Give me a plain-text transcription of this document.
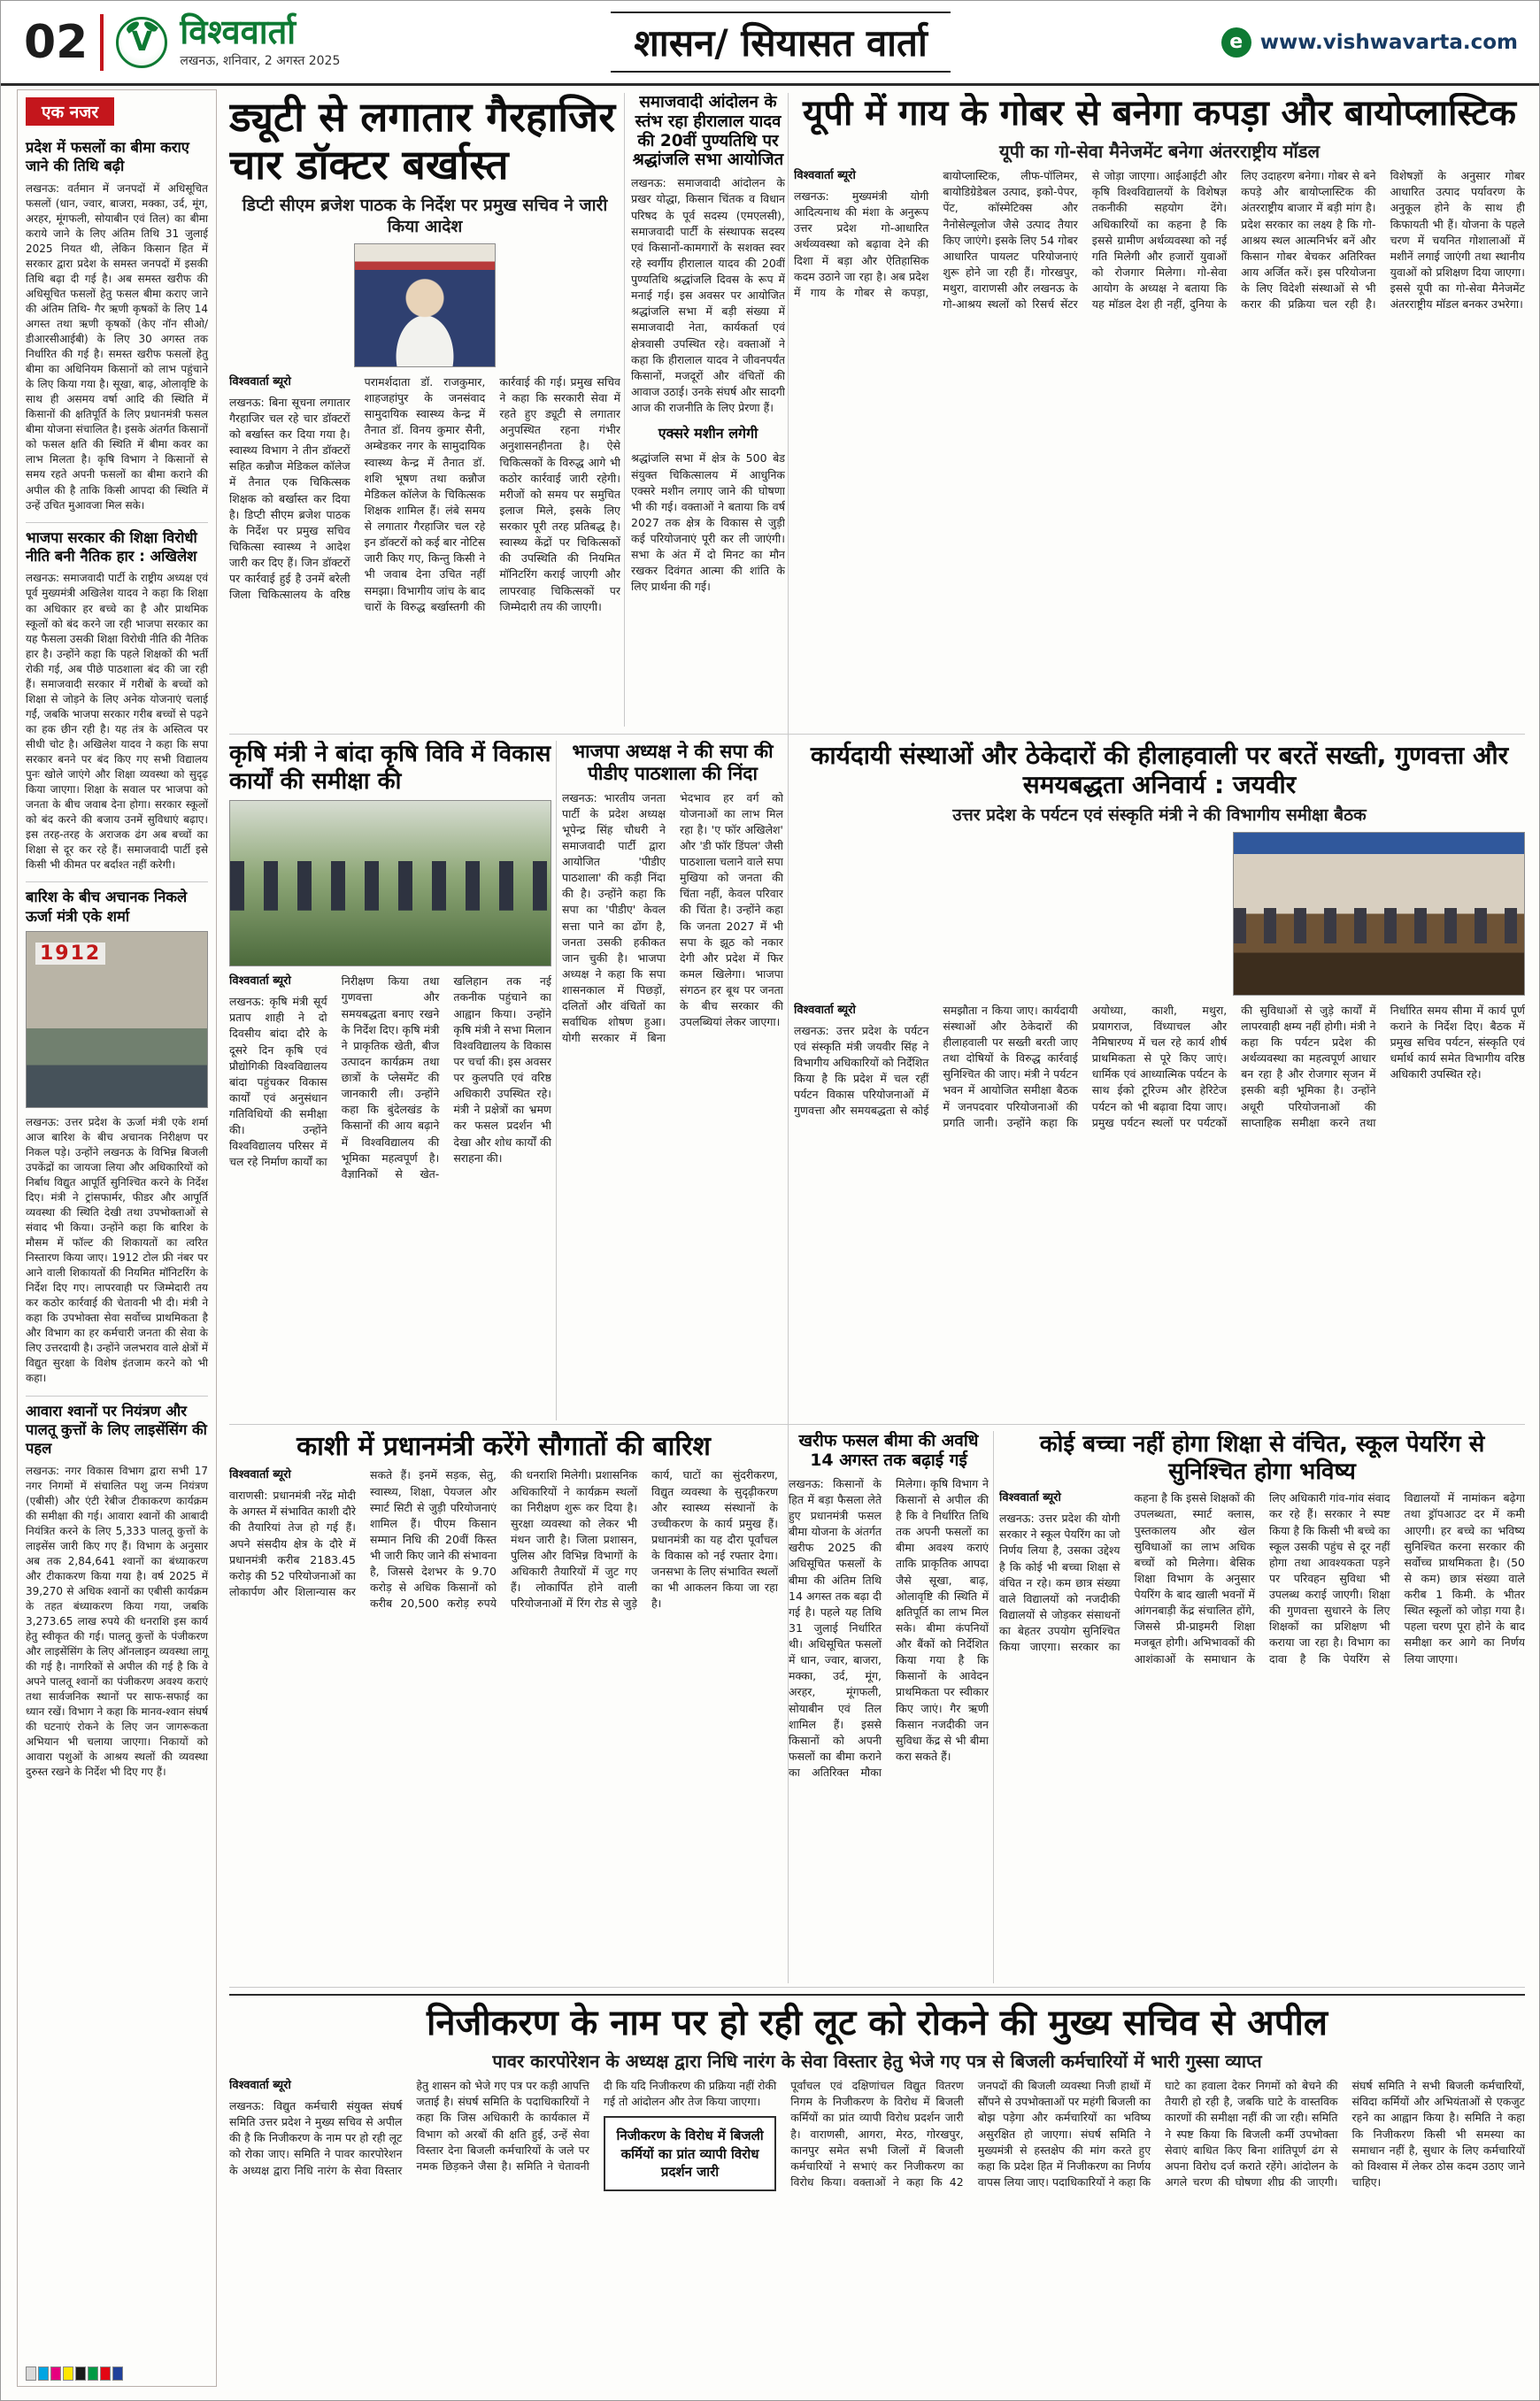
02 V विश्ववार्ता
लखनऊ, शनिवार, 2 अगस्त 2025	शासन/ सियासत वार्ता	e www.vishwavarta.com
एक नजर
प्रदेश में फसलों का बीमा कराए जाने की तिथि बढ़ी

लखनऊ: वर्तमान में जनपदों में अधिसूचित फसलों (धान, ज्वार, बाजरा, मक्का, उर्द, मूंग, अरहर, मूंगफली, सोयाबीन एवं तिल) का बीमा कराये जाने के लिए अंतिम तिथि 31 जुलाई 2025 नियत थी, लेकिन किसान हित में सरकार द्वारा प्रदेश के समस्त जनपदों में इसकी तिथि बढ़ा दी गई है। अब समस्त खरीफ की अधिसूचित फसलों हेतु फसल बीमा कराए जाने की अंतिम तिथि- गैर ऋणी कृषकों के लिए 14 अगस्त तथा ऋणी कृषकों (केए नॉन सीओ/डीआरसीआईबी) के लिए 30 अगस्त तक निर्धारित की गई है। समस्त खरीफ फसलों हेतु बीमा का अधिनियम किसानों को लाभ पहुंचाने के लिए किया गया है। सूखा, बाढ़, ओलावृष्टि के साथ ही असमय वर्षा आदि की स्थिति में किसानों की क्षतिपूर्ति के लिए प्रधानमंत्री फसल बीमा योजना संचालित है। इसके अंतर्गत किसानों को फसल क्षति की स्थिति में बीमा कवर का लाभ मिलता है। कृषि विभाग ने किसानों से समय रहते अपनी फसलों का बीमा कराने की अपील की है ताकि किसी आपदा की स्थिति में उन्हें उचित मुआवजा मिल सके।

भाजपा सरकार की शिक्षा विरोधी नीति बनी नैतिक हार : अखिलेश

लखनऊ: समाजवादी पार्टी के राष्ट्रीय अध्यक्ष एवं पूर्व मुख्यमंत्री अखिलेश यादव ने कहा कि शिक्षा का अधिकार हर बच्चे का है और प्राथमिक स्कूलों को बंद करने जा रही भाजपा सरकार का यह फैसला उसकी शिक्षा विरोधी नीति की नैतिक हार है। उन्होंने कहा कि पहले शिक्षकों की भर्ती रोकी गई, अब पीछे पाठशाला बंद की जा रही हैं। समाजवादी सरकार में गरीबों के बच्चों को शिक्षा से जोड़ने के लिए अनेक योजनाएं चलाई गईं, जबकि भाजपा सरकार गरीब बच्चों से पढ़ने का हक छीन रही है। यह तंत्र के अस्तित्व पर सीधी चोट है। अखिलेश यादव ने कहा कि सपा सरकार बनने पर बंद किए गए सभी विद्यालय पुनः खोले जाएंगे और शिक्षा व्यवस्था को सुदृढ़ किया जाएगा। शिक्षा के सवाल पर भाजपा को जनता के बीच जवाब देना होगा। सरकार स्कूलों को बंद करने की बजाय उनमें सुविधाएं बढ़ाए। इस तरह-तरह के अराजक ढंग अब बच्चों का शिक्षा से दूर कर रहे हैं। समाजवादी पार्टी इसे किसी भी कीमत पर बर्दाश्त नहीं करेगी।

बारिश के बीच अचानक निकले ऊर्जा मंत्री एके शर्मा
1912

लखनऊ: उत्तर प्रदेश के ऊर्जा मंत्री एके शर्मा आज बारिश के बीच अचानक निरीक्षण पर निकल पड़े। उन्होंने लखनऊ के विभिन्न बिजली उपकेंद्रों का जायजा लिया और अधिकारियों को निर्बाध विद्युत आपूर्ति सुनिश्चित करने के निर्देश दिए। मंत्री ने ट्रांसफार्मर, फीडर और आपूर्ति व्यवस्था की स्थिति देखी तथा उपभोक्ताओं से संवाद भी किया। उन्होंने कहा कि बारिश के मौसम में फॉल्ट की शिकायतों का त्वरित निस्तारण किया जाए। 1912 टोल फ्री नंबर पर आने वाली शिकायतों की नियमित मॉनिटरिंग के निर्देश दिए गए। लापरवाही पर जिम्मेदारी तय कर कठोर कार्रवाई की चेतावनी भी दी। मंत्री ने कहा कि उपभोक्ता सेवा सर्वोच्च प्राथमिकता है और विभाग का हर कर्मचारी जनता की सेवा के लिए उत्तरदायी है। उन्होंने जलभराव वाले क्षेत्रों में विद्युत सुरक्षा के विशेष इंतजाम करने को भी कहा।

आवारा श्वानों पर नियंत्रण और पालतू कुत्तों के लिए लाइसेंसिंग की पहल

लखनऊ: नगर विकास विभाग द्वारा सभी 17 नगर निगमों में संचालित पशु जन्म नियंत्रण (एबीसी) और एंटी रेबीज टीकाकरण कार्यक्रम की समीक्षा की गई। आवारा श्वानों की आबादी नियंत्रित करने के लिए 5,333 पालतू कुत्तों के लाइसेंस जारी किए गए हैं। विभाग के अनुसार अब तक 2,84,641 श्वानों का बंध्याकरण और टीकाकरण किया गया है। वर्ष 2025 में 39,270 से अधिक श्वानों का एबीसी कार्यक्रम के तहत बंध्याकरण किया गया, जबकि 3,273.65 लाख रुपये की धनराशि इस कार्य हेतु स्वीकृत की गई। पालतू कुत्तों के पंजीकरण और लाइसेंसिंग के लिए ऑनलाइन व्यवस्था लागू की गई है। नागरिकों से अपील की गई है कि वे अपने पालतू श्वानों का पंजीकरण अवश्य कराएं तथा सार्वजनिक स्थानों पर साफ-सफाई का ध्यान रखें। विभाग ने कहा कि मानव-श्वान संघर्ष की घटनाएं रोकने के लिए जन जागरूकता अभियान भी चलाया जाएगा। निकायों को आवारा पशुओं के आश्रय स्थलों की व्यवस्था दुरुस्त रखने के निर्देश भी दिए गए हैं।

ड्यूटी से लगातार गैरहाजिर चार डॉक्टर बर्खास्त
डिप्टी सीएम ब्रजेश पाठक के निर्देश पर प्रमुख सचिव ने जारी किया आदेश
विश्ववार्ता ब्यूरो

लखनऊ: बिना सूचना लगातार गैरहाजिर चल रहे चार डॉक्टरों को बर्खास्त कर दिया गया है। स्वास्थ्य विभाग ने तीन डॉक्टरों सहित कन्नौज मेडिकल कॉलेज में तैनात एक चिकित्सक शिक्षक को बर्खास्त कर दिया है। डिप्टी सीएम ब्रजेश पाठक के निर्देश पर प्रमुख सचिव चिकित्सा स्वास्थ्य ने आदेश जारी कर दिए हैं। जिन डॉक्टरों पर कार्रवाई हुई है उनमें बरेली जिला चिकित्सालय के वरिष्ठ परामर्शदाता डॉ. राजकुमार, शाहजहांपुर के जनसंवाद सामुदायिक स्वास्थ्य केन्द्र में तैनात डॉ. विनय कुमार सैनी, अम्बेडकर नगर के सामुदायिक स्वास्थ्य केन्द्र में तैनात डॉ. शशि भूषण तथा कन्नौज मेडिकल कॉलेज के चिकित्सक शिक्षक शामिल हैं। लंबे समय से लगातार गैरहाजिर चल रहे इन डॉक्टरों को कई बार नोटिस जारी किए गए, किन्तु किसी ने भी जवाब देना उचित नहीं समझा। विभागीय जांच के बाद चारों के विरुद्ध बर्खास्तगी की कार्रवाई की गई। प्रमुख सचिव ने कहा कि सरकारी सेवा में रहते हुए ड्यूटी से लगातार अनुपस्थित रहना गंभीर अनुशासनहीनता है। ऐसे चिकित्सकों के विरुद्ध आगे भी कठोर कार्रवाई जारी रहेगी। मरीजों को समय पर समुचित इलाज मिले, इसके लिए सरकार पूरी तरह प्रतिबद्ध है। स्वास्थ्य केंद्रों पर चिकित्सकों की उपस्थिति की नियमित मॉनिटरिंग कराई जाएगी और लापरवाह चिकित्सकों पर जिम्मेदारी तय की जाएगी।

समाजवादी आंदोलन के स्तंभ रहा हीरालाल यादव की 20वीं पुण्यतिथि पर श्रद्धांजलि सभा आयोजित

लखनऊ: समाजवादी आंदोलन के प्रखर योद्धा, किसान चिंतक व विधान परिषद के पूर्व सदस्य (एमएलसी), समाजवादी पार्टी के संस्थापक सदस्य एवं किसानों-कामगारों के सशक्त स्वर रहे स्वर्गीय हीरालाल यादव की 20वीं पुण्यतिथि श्रद्धांजलि दिवस के रूप में मनाई गई। इस अवसर पर आयोजित श्रद्धांजलि सभा में बड़ी संख्या में समाजवादी नेता, कार्यकर्ता एवं क्षेत्रवासी उपस्थित रहे। वक्ताओं ने कहा कि हीरालाल यादव ने जीवनपर्यंत किसानों, मजदूरों और वंचितों की आवाज उठाई। उनके संघर्ष और सादगी आज की राजनीति के लिए प्रेरणा हैं।

एक्सरे मशीन लगेगी

श्रद्धांजलि सभा में क्षेत्र के 500 बेड संयुक्त चिकित्सालय में आधुनिक एक्सरे मशीन लगाए जाने की घोषणा भी की गई। वक्ताओं ने बताया कि वर्ष 2027 तक क्षेत्र के विकास से जुड़ी कई परियोजनाएं पूरी कर ली जाएंगी। सभा के अंत में दो मिनट का मौन रखकर दिवंगत आत्मा की शांति के लिए प्रार्थना की गई।

यूपी में गाय के गोबर से बनेगा कपड़ा और बायोप्लास्टिक
यूपी का गो-सेवा मैनेजमेंट बनेगा अंतरराष्ट्रीय मॉडल
विश्ववार्ता ब्यूरो

लखनऊ: मुख्यमंत्री योगी आदित्यनाथ की मंशा के अनुरूप उत्तर प्रदेश गो-आधारित अर्थव्यवस्था को बढ़ावा देने की दिशा में बड़ा और ऐतिहासिक कदम उठाने जा रहा है। अब प्रदेश में गाय के गोबर से कपड़ा, बायोप्लास्टिक, लीफ-पॉलिमर, बायोडिग्रेडेबल उत्पाद, इको-पेपर, पेंट, कॉस्मेटिक्स और नैनोसेल्यूलोज जैसे उत्पाद तैयार किए जाएंगे। इसके लिए 54 गोबर आधारित पायलट परियोजनाएं शुरू होने जा रही हैं। गोरखपुर, मथुरा, वाराणसी और लखनऊ के गो-आश्रय स्थलों को रिसर्च सेंटर से जोड़ा जाएगा। आईआईटी और कृषि विश्वविद्यालयों के विशेषज्ञ तकनीकी सहयोग देंगे। अधिकारियों का कहना है कि इससे ग्रामीण अर्थव्यवस्था को नई गति मिलेगी और हजारों युवाओं को रोजगार मिलेगा। गो-सेवा आयोग के अध्यक्ष ने बताया कि यह मॉडल देश ही नहीं, दुनिया के लिए उदाहरण बनेगा। गोबर से बने कपड़े और बायोप्लास्टिक की अंतरराष्ट्रीय बाजार में बड़ी मांग है। प्रदेश सरकार का लक्ष्य है कि गो-आश्रय स्थल आत्मनिर्भर बनें और किसान गोबर बेचकर अतिरिक्त आय अर्जित करें। इस परियोजना के लिए विदेशी संस्थाओं से भी करार की प्रक्रिया चल रही है। विशेषज्ञों के अनुसार गोबर आधारित उत्पाद पर्यावरण के अनुकूल होने के साथ ही किफायती भी हैं। योजना के पहले चरण में चयनित गोशालाओं में मशीनें लगाई जाएंगी तथा स्थानीय युवाओं को प्रशिक्षण दिया जाएगा। इससे यूपी का गो-सेवा मैनेजमेंट अंतरराष्ट्रीय मॉडल बनकर उभरेगा।

कृषि मंत्री ने बांदा कृषि विवि में विकास कार्यों की समीक्षा की
विश्ववार्ता ब्यूरो

लखनऊ: कृषि मंत्री सूर्य प्रताप शाही ने दो दिवसीय बांदा दौरे के दूसरे दिन कृषि एवं प्रौद्योगिकी विश्वविद्यालय बांदा पहुंचकर विकास कार्यों एवं अनुसंधान गतिविधियों की समीक्षा की। उन्होंने विश्वविद्यालय परिसर में चल रहे निर्माण कार्यों का निरीक्षण किया तथा गुणवत्ता और समयबद्धता बनाए रखने के निर्देश दिए। कृषि मंत्री ने प्राकृतिक खेती, बीज उत्पादन कार्यक्रम तथा छात्रों के प्लेसमेंट की जानकारी ली। उन्होंने कहा कि बुंदेलखंड के किसानों की आय बढ़ाने में विश्वविद्यालय की भूमिका महत्वपूर्ण है। वैज्ञानिकों से खेत-खलिहान तक नई तकनीक पहुंचाने का आह्वान किया। उन्होंने कृषि मंत्री ने सभा मिलान विश्वविद्यालय के विकास पर चर्चा की। इस अवसर पर कुलपति एवं वरिष्ठ अधिकारी उपस्थित रहे। मंत्री ने प्रक्षेत्रों का भ्रमण कर फसल प्रदर्शन भी देखा और शोध कार्यों की सराहना की।

भाजपा अध्यक्ष ने की सपा की पीडीए पाठशाला की निंदा

लखनऊ: भारतीय जनता पार्टी के प्रदेश अध्यक्ष भूपेन्द्र सिंह चौधरी ने समाजवादी पार्टी द्वारा आयोजित 'पीडीए पाठशाला' की कड़ी निंदा की है। उन्होंने कहा कि सपा का 'पीडीए' केवल सत्ता पाने का ढोंग है, जनता उसकी हकीकत जान चुकी है। भाजपा अध्यक्ष ने कहा कि सपा शासनकाल में पिछड़ों, दलितों और वंचितों का सर्वाधिक शोषण हुआ। योगी सरकार में बिना भेदभाव हर वर्ग को योजनाओं का लाभ मिल रहा है। 'ए फॉर अखिलेश' और 'डी फॉर डिंपल' जैसी पाठशाला चलाने वाले सपा मुखिया को जनता की चिंता नहीं, केवल परिवार की चिंता है। उन्होंने कहा कि जनता 2027 में भी सपा के झूठ को नकार देगी और प्रदेश में फिर कमल खिलेगा। भाजपा संगठन हर बूथ पर जनता के बीच सरकार की उपलब्धियां लेकर जाएगा।

कार्यदायी संस्थाओं और ठेकेदारों की हीलाहवाली पर बरतें सख्ती, गुणवत्ता और समयबद्धता अनिवार्य : जयवीर
उत्तर प्रदेश के पर्यटन एवं संस्कृति मंत्री ने की विभागीय समीक्षा बैठक
विश्ववार्ता ब्यूरो

लखनऊ: उत्तर प्रदेश के पर्यटन एवं संस्कृति मंत्री जयवीर सिंह ने विभागीय अधिकारियों को निर्देशित किया है कि प्रदेश में चल रहीं पर्यटन विकास परियोजनाओं में गुणवत्ता और समयबद्धता से कोई समझौता न किया जाए। कार्यदायी संस्थाओं और ठेकेदारों की हीलाहवाली पर सख्ती बरती जाए तथा दोषियों के विरुद्ध कार्रवाई सुनिश्चित की जाए। मंत्री ने पर्यटन भवन में आयोजित समीक्षा बैठक में जनपदवार परियोजनाओं की प्रगति जानी। उन्होंने कहा कि अयोध्या, काशी, मथुरा, प्रयागराज, विंध्याचल और नैमिषारण्य में चल रहे कार्य शीर्ष प्राथमिकता से पूरे किए जाएं। धार्मिक एवं आध्यात्मिक पर्यटन के साथ ईको टूरिज्म और हेरिटेज पर्यटन को भी बढ़ावा दिया जाए। प्रमुख पर्यटन स्थलों पर पर्यटकों की सुविधाओं से जुड़े कार्यों में लापरवाही क्षम्य नहीं होगी। मंत्री ने कहा कि पर्यटन प्रदेश की अर्थव्यवस्था का महत्वपूर्ण आधार बन रहा है और रोजगार सृजन में इसकी बड़ी भूमिका है। उन्होंने अधूरी परियोजनाओं की साप्ताहिक समीक्षा करने तथा निर्धारित समय सीमा में कार्य पूर्ण कराने के निर्देश दिए। बैठक में प्रमुख सचिव पर्यटन, संस्कृति एवं धर्मार्थ कार्य समेत विभागीय वरिष्ठ अधिकारी उपस्थित रहे।

काशी में प्रधानमंत्री करेंगे सौगातों की बारिश
विश्ववार्ता ब्यूरो

वाराणसी: प्रधानमंत्री नरेंद्र मोदी के अगस्त में संभावित काशी दौरे की तैयारियां तेज हो गई हैं। अपने संसदीय क्षेत्र के दौरे में प्रधानमंत्री करीब 2183.45 करोड़ की 52 परियोजनाओं का लोकार्पण और शिलान्यास कर सकते हैं। इनमें सड़क, सेतु, स्वास्थ्य, शिक्षा, पेयजल और स्मार्ट सिटी से जुड़ी परियोजनाएं शामिल हैं। पीएम किसान सम्मान निधि की 20वीं किस्त भी जारी किए जाने की संभावना है, जिससे देशभर के 9.70 करोड़ से अधिक किसानों को करीब 20,500 करोड़ रुपये की धनराशि मिलेगी। प्रशासनिक अधिकारियों ने कार्यक्रम स्थलों का निरीक्षण शुरू कर दिया है। सुरक्षा व्यवस्था को लेकर भी मंथन जारी है। जिला प्रशासन, पुलिस और विभिन्न विभागों के अधिकारी तैयारियों में जुट गए हैं। लोकार्पित होने वाली परियोजनाओं में रिंग रोड से जुड़े कार्य, घाटों का सुंदरीकरण, विद्युत व्यवस्था के सुदृढ़ीकरण और स्वास्थ्य संस्थानों के उच्चीकरण के कार्य प्रमुख हैं। प्रधानमंत्री का यह दौरा पूर्वांचल के विकास को नई रफ्तार देगा। जनसभा के लिए संभावित स्थलों का भी आकलन किया जा रहा है।

खरीफ फसल बीमा की अवधि 14 अगस्त तक बढ़ाई गई

लखनऊ: किसानों के हित में बड़ा फैसला लेते हुए प्रधानमंत्री फसल बीमा योजना के अंतर्गत खरीफ 2025 की अधिसूचित फसलों के बीमा की अंतिम तिथि 14 अगस्त तक बढ़ा दी गई है। पहले यह तिथि 31 जुलाई निर्धारित थी। अधिसूचित फसलों में धान, ज्वार, बाजरा, मक्का, उर्द, मूंग, अरहर, मूंगफली, सोयाबीन एवं तिल शामिल हैं। इससे किसानों को अपनी फसलों का बीमा कराने का अतिरिक्त मौका मिलेगा। कृषि विभाग ने किसानों से अपील की है कि वे निर्धारित तिथि तक अपनी फसलों का बीमा अवश्य कराएं ताकि प्राकृतिक आपदा जैसे सूखा, बाढ़, ओलावृष्टि की स्थिति में क्षतिपूर्ति का लाभ मिल सके। बीमा कंपनियों और बैंकों को निर्देशित किया गया है कि किसानों के आवेदन प्राथमिकता पर स्वीकार किए जाएं। गैर ऋणी किसान नजदीकी जन सुविधा केंद्र से भी बीमा करा सकते हैं।

कोई बच्चा नहीं होगा शिक्षा से वंचित, स्कूल पेयरिंग से सुनिश्चित होगा भविष्य
विश्ववार्ता ब्यूरो

लखनऊ: उत्तर प्रदेश की योगी सरकार ने स्कूल पेयरिंग का जो निर्णय लिया है, उसका उद्देश्य है कि कोई भी बच्चा शिक्षा से वंचित न रहे। कम छात्र संख्या वाले विद्यालयों को नजदीकी विद्यालयों से जोड़कर संसाधनों का बेहतर उपयोग सुनिश्चित किया जाएगा। सरकार का कहना है कि इससे शिक्षकों की उपलब्धता, स्मार्ट क्लास, पुस्तकालय और खेल सुविधाओं का लाभ अधिक बच्चों को मिलेगा। बेसिक शिक्षा विभाग के अनुसार पेयरिंग के बाद खाली भवनों में आंगनबाड़ी केंद्र संचालित होंगे, जिससे प्री-प्राइमरी शिक्षा मजबूत होगी। अभिभावकों की आशंकाओं के समाधान के लिए अधिकारी गांव-गांव संवाद कर रहे हैं। सरकार ने स्पष्ट किया है कि किसी भी बच्चे का स्कूल उसकी पहुंच से दूर नहीं होगा तथा आवश्यकता पड़ने पर परिवहन सुविधा भी उपलब्ध कराई जाएगी। शिक्षा की गुणवत्ता सुधारने के लिए शिक्षकों का प्रशिक्षण भी कराया जा रहा है। विभाग का दावा है कि पेयरिंग से विद्यालयों में नामांकन बढ़ेगा तथा ड्रॉपआउट दर में कमी आएगी। हर बच्चे का भविष्य सुनिश्चित करना सरकार की सर्वोच्च प्राथमिकता है। (50 से कम) छात्र संख्या वाले करीब 1 किमी. के भीतर स्थित स्कूलों को जोड़ा गया है। पहला चरण पूरा होने के बाद समीक्षा कर आगे का निर्णय लिया जाएगा।

निजीकरण के नाम पर हो रही लूट को रोकने की मुख्य सचिव से अपील
पावर कारपोरेशन के अध्यक्ष द्वारा निधि नारंग के सेवा विस्तार हेतु भेजे गए पत्र से बिजली कर्मचारियों में भारी गुस्सा व्याप्त
विश्ववार्ता ब्यूरो

लखनऊ: विद्युत कर्मचारी संयुक्त संघर्ष समिति उत्तर प्रदेश ने मुख्य सचिव से अपील की है कि निजीकरण के नाम पर हो रही लूट को रोका जाए। समिति ने पावर कारपोरेशन के अध्यक्ष द्वारा निधि नारंग के सेवा विस्तार हेतु शासन को भेजे गए पत्र पर कड़ी आपत्ति जताई है। संघर्ष समिति के पदाधिकारियों ने कहा कि जिस अधिकारी के कार्यकाल में विभाग को अरबों की क्षति हुई, उन्हें सेवा विस्तार देना बिजली कर्मचारियों के जले पर नमक छिड़कने जैसा है। समिति ने चेतावनी दी कि यदि निजीकरण की प्रक्रिया नहीं रोकी गई तो आंदोलन और तेज किया जाएगा।

निजीकरण के विरोध में बिजली कर्मियों का प्रांत व्यापी विरोध प्रदर्शन जारी

पूर्वांचल एवं दक्षिणांचल विद्युत वितरण निगम के निजीकरण के विरोध में बिजली कर्मियों का प्रांत व्यापी विरोध प्रदर्शन जारी है। वाराणसी, आगरा, मेरठ, गोरखपुर, कानपुर समेत सभी जिलों में बिजली कर्मचारियों ने सभाएं कर निजीकरण का विरोध किया। वक्ताओं ने कहा कि 42 जनपदों की बिजली व्यवस्था निजी हाथों में सौंपने से उपभोक्ताओं पर महंगी बिजली का बोझ पड़ेगा और कर्मचारियों का भविष्य असुरक्षित हो जाएगा। संघर्ष समिति ने मुख्यमंत्री से हस्तक्षेप की मांग करते हुए कहा कि प्रदेश हित में निजीकरण का निर्णय वापस लिया जाए। पदाधिकारियों ने कहा कि घाटे का हवाला देकर निगमों को बेचने की तैयारी हो रही है, जबकि घाटे के वास्तविक कारणों की समीक्षा नहीं की जा रही। समिति ने स्पष्ट किया कि बिजली कर्मी उपभोक्ता सेवाएं बाधित किए बिना शांतिपूर्ण ढंग से अपना विरोध दर्ज कराते रहेंगे। आंदोलन के अगले चरण की घोषणा शीघ्र की जाएगी। संघर्ष समिति ने सभी बिजली कर्मचारियों, संविदा कर्मियों और अभियंताओं से एकजुट रहने का आह्वान किया है। समिति ने कहा कि निजीकरण किसी भी समस्या का समाधान नहीं है, सुधार के लिए कर्मचारियों को विश्वास में लेकर ठोस कदम उठाए जाने चाहिए।
